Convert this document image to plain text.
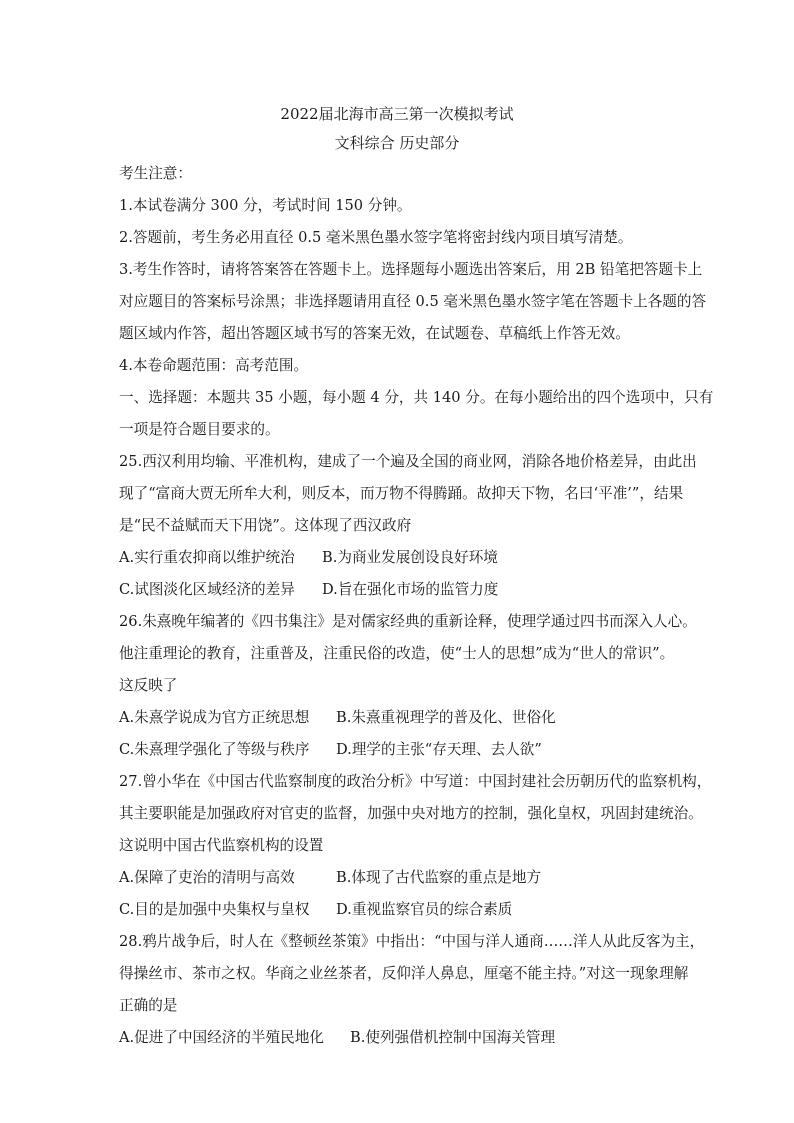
2022届北海市高三第一次模拟考试
文科综合 历史部分
考生注意：
1.本试卷满分 300 分，考试时间 150 分钟。
2.答题前，考生务必用直径 0.5 毫米黑色墨水签字笔将密封线内项目填写清楚。
3.考生作答时，请将答案答在答题卡上。选择题每小题选出答案后，用 2B 铅笔把答题卡上
对应题目的答案标号涂黑；非选择题请用直径 0.5 毫米黑色墨水签字笔在答题卡上各题的答
题区域内作答，超出答题区域书写的答案无效，在试题卷、草稿纸上作答无效。
4.本卷命题范围：高考范围。
一、选择题：本题共 35 小题，每小题 4 分，共 140 分。在每小题给出的四个选项中，只有
一项是符合题目要求的。
25.西汉利用均输、平准机构，建成了一个遍及全国的商业网，消除各地价格差异，由此出
现了“富商大贾无所牟大利，则反本，而万物不得腾踊。故抑天下物，名曰‘平准’”，结果
是“民不益赋而天下用饶”。这体现了西汉政府
A.实行重农抑商以维护统治 B.为商业发展创设良好环境
C.试图淡化区域经济的差异 D.旨在强化市场的监管力度
26.朱熹晚年编著的《四书集注》是对儒家经典的重新诠释，使理学通过四书而深入人心。
他注重理论的教育，注重普及，注重民俗的改造，使“士人的思想”成为“世人的常识”。
这反映了
A.朱熹学说成为官方正统思想 B.朱熹重视理学的普及化、世俗化
C.朱熹理学强化了等级与秩序 D.理学的主张“存天理、去人欲”
27.曾小华在《中国古代监察制度的政治分析》中写道：中国封建社会历朝历代的监察机构，
其主要职能是加强政府对官吏的监督，加强中央对地方的控制，强化皇权，巩固封建统治。
这说明中国古代监察机构的设置
A.保障了吏治的清明与高效	B.体现了古代监察的重点是地方
C.目的是加强中央集权与皇权 D.重视监察官员的综合素质
28.鸦片战争后，时人在《整顿丝茶策》中指出：“中国与洋人通商……洋人从此反客为主，
得操丝市、茶市之权。华商之业丝茶者，反仰洋人鼻息，厘毫不能主持。”对这一现象理解
正确的是
A.促进了中国经济的半殖民地化 B.使列强借机控制中国海关管理
